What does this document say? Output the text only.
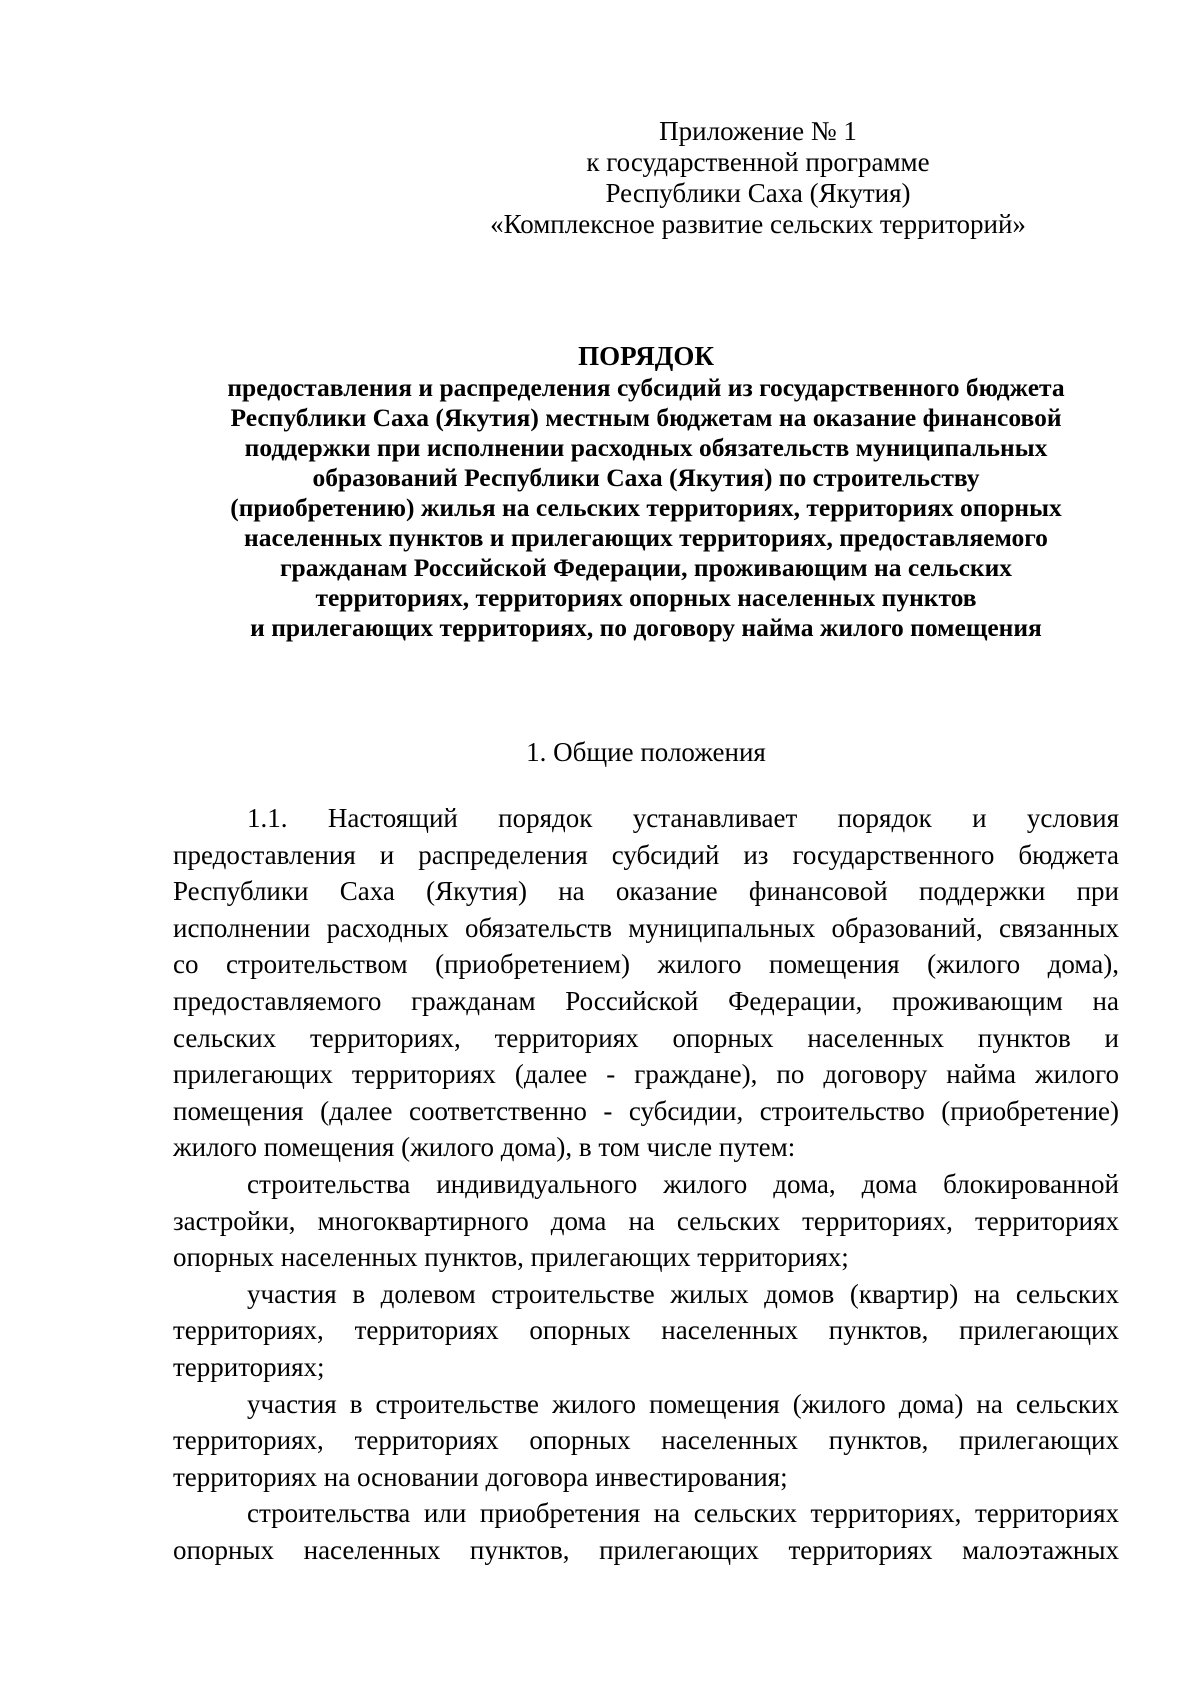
Приложение № 1
к государственной программе
Республики Саха (Якутия)
«Комплексное развитие сельских территорий»
ПОРЯДОК
предоставления и распределения субсидий из государственного бюджета
Республики Саха (Якутия) местным бюджетам на оказание финансовой
поддержки при исполнении расходных обязательств муниципальных
образований Республики Саха (Якутия) по строительству
(приобретению) жилья на сельских территориях, территориях опорных
населенных пунктов и прилегающих территориях, предоставляемого
гражданам Российской Федерации, проживающим на сельских
территориях, территориях опорных населенных пунктов
и прилегающих территориях, по договору найма жилого помещения
1. Общие положения
1.1. Настоящий порядок устанавливает порядок и условия
предоставления и распределения субсидий из государственного бюджета
Республики Саха (Якутия) на оказание финансовой поддержки при
исполнении расходных обязательств муниципальных образований, связанных
со строительством (приобретением) жилого помещения (жилого дома),
предоставляемого гражданам Российской Федерации, проживающим на
сельских территориях, территориях опорных населенных пунктов и
прилегающих территориях (далее - граждане), по договору найма жилого
помещения (далее соответственно - субсидии, строительство (приобретение)
жилого помещения (жилого дома), в том числе путем:
строительства индивидуального жилого дома, дома блокированной
застройки, многоквартирного дома на сельских территориях, территориях
опорных населенных пунктов, прилегающих территориях;
участия в долевом строительстве жилых домов (квартир) на сельских
территориях, территориях опорных населенных пунктов, прилегающих
территориях;
участия в строительстве жилого помещения (жилого дома) на сельских
территориях, территориях опорных населенных пунктов, прилегающих
территориях на основании договора инвестирования;
строительства или приобретения на сельских территориях, территориях
опорных населенных пунктов, прилегающих территориях малоэтажных
